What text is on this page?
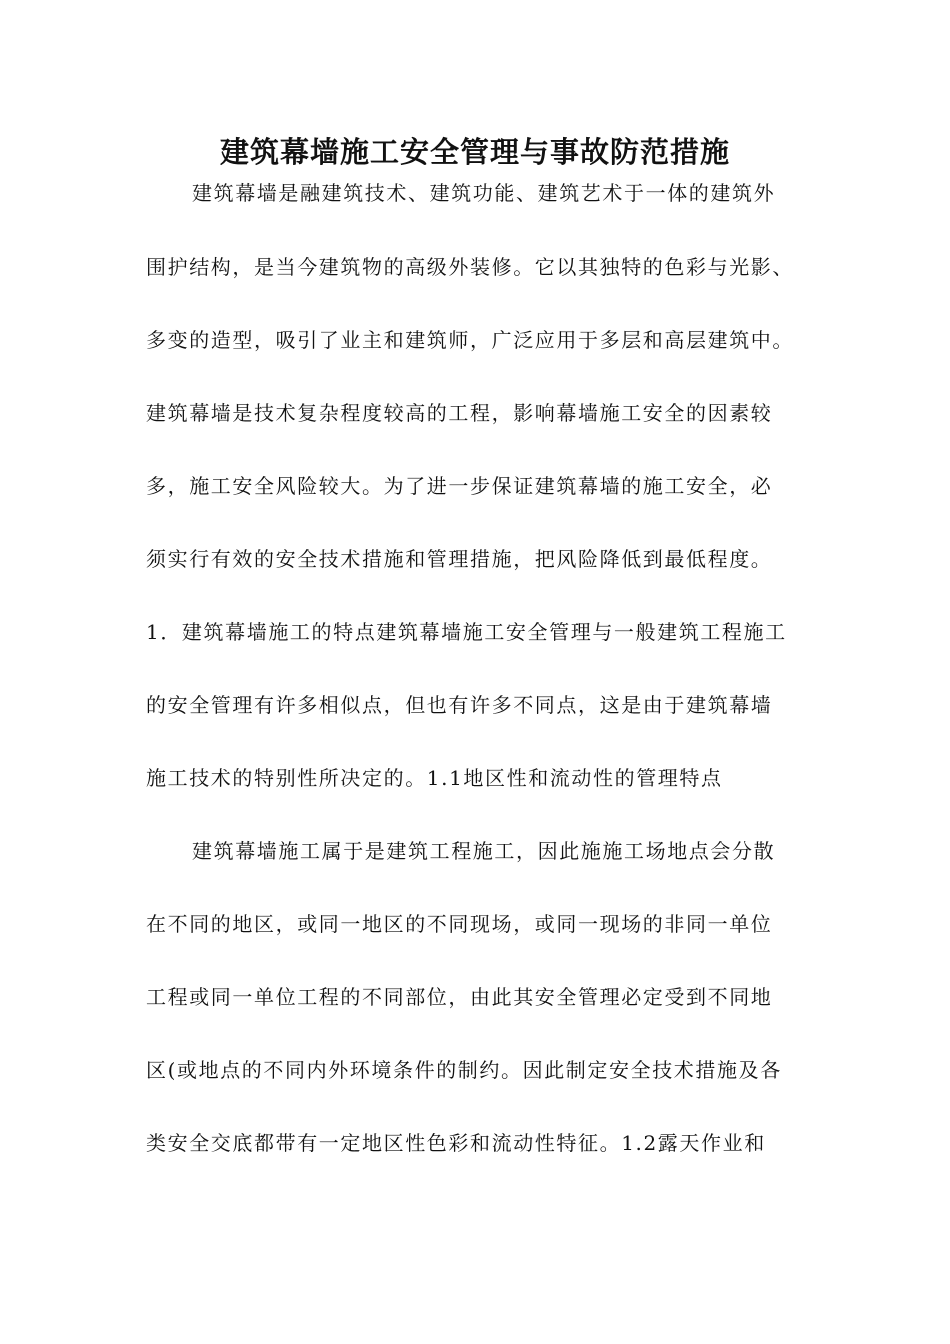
建筑幕墙施工安全管理与事故防范措施
建筑幕墙是融建筑技术、建筑功能、建筑艺术于一体的建筑外
围护结构，是当今建筑物的高级外装修。它以其独特的色彩与光影、
多变的造型，吸引了业主和建筑师，广泛应用于多层和高层建筑中。
建筑幕墙是技术复杂程度较高的工程，影响幕墙施工安全的因素较
多，施工安全风险较大。为了进一步保证建筑幕墙的施工安全，必
须实行有效的安全技术措施和管理措施，把风险降低到最低程度。
1．建筑幕墙施工的特点建筑幕墙施工安全管理与一般建筑工程施工
的安全管理有许多相似点，但也有许多不同点，这是由于建筑幕墙
施工技术的特别性所决定的。1.1地区性和流动性的管理特点
建筑幕墙施工属于是建筑工程施工，因此施施工场地点会分散
在不同的地区，或同一地区的不同现场，或同一现场的非同一单位
工程或同一单位工程的不同部位，由此其安全管理必定受到不同地
区(或地点的不同内外环境条件的制约。因此制定安全技术措施及各
类安全交底都带有一定地区性色彩和流动性特征。1.2露天作业和
